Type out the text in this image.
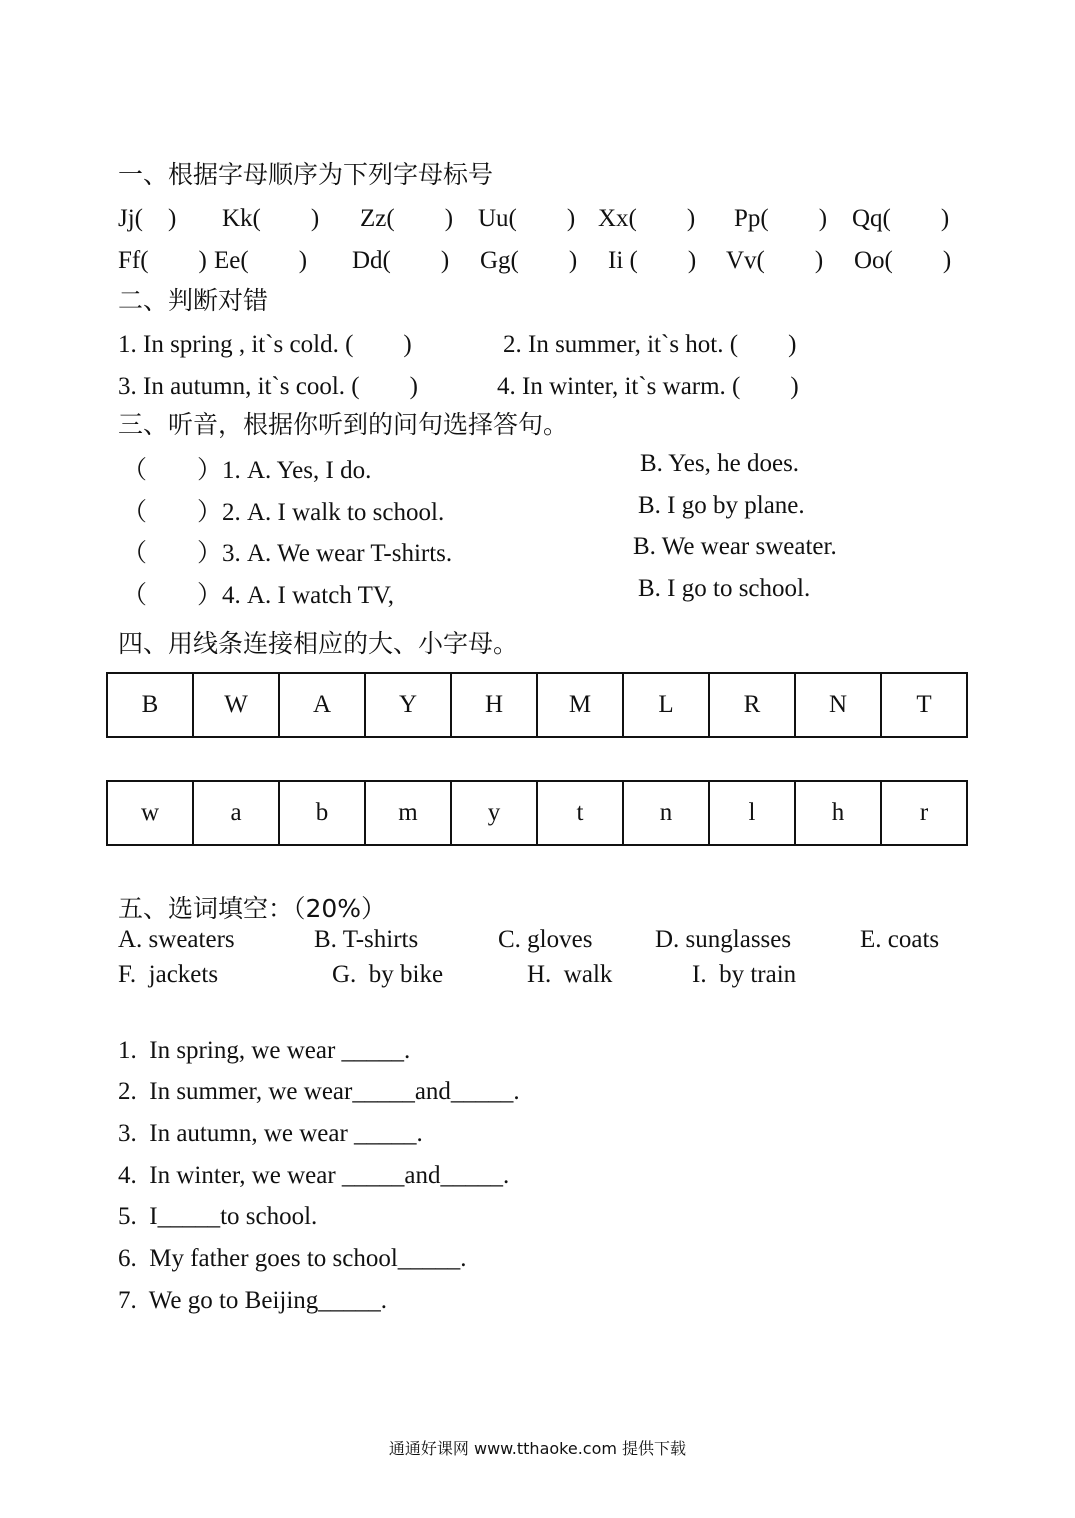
一、根据字母顺序为下列字母标号
Jj(　) Kk(　　) Zz(　　) Uu(　　) Xx(　　) Pp(　　) Qq(　　)
Ff(　　) Ee(　　) Dd(　　) Gg(　　) Ii (　　) Vv(　　) Oo(　　)
二、判断对错
1. In spring , it`s cold. (　　)	2. In summer, it`s hot. (　　)
3. In autumn, it`s cool. (　　)	4. In winter, it`s warm. (　　)
三、听音，根据你听到的问句选择答句。
（　　）1. A. Yes, I do.	B. Yes, he does.
（　　）2. A. I walk to school.	B. I go by plane.
（　　）3. A. We wear T-shirts.	B. We wear sweater.
（　　）4. A. I watch TV,	B. I go to school.
四、用线条连接相应的大、小字母。
B	W	A	Y	H	M	L	R	N	T
w	a	b	m	y	t	n	l	h	r
五、选词填空：（20%）
A. sweaters	B. T-shirts	C. gloves	D. sunglasses	E. coats
F.  jackets	G.  by bike	H.  walk	I.  by train
1.  In spring, we wear _____.
2.  In summer, we wear_____and_____.
3.  In autumn, we wear _____.
4.  In winter, we wear _____and_____.
5.  I_____to school.
6.  My father goes to school_____.
7.  We go to Beijing_____.
通通好课网 www.tthaoke.com 提供下载
